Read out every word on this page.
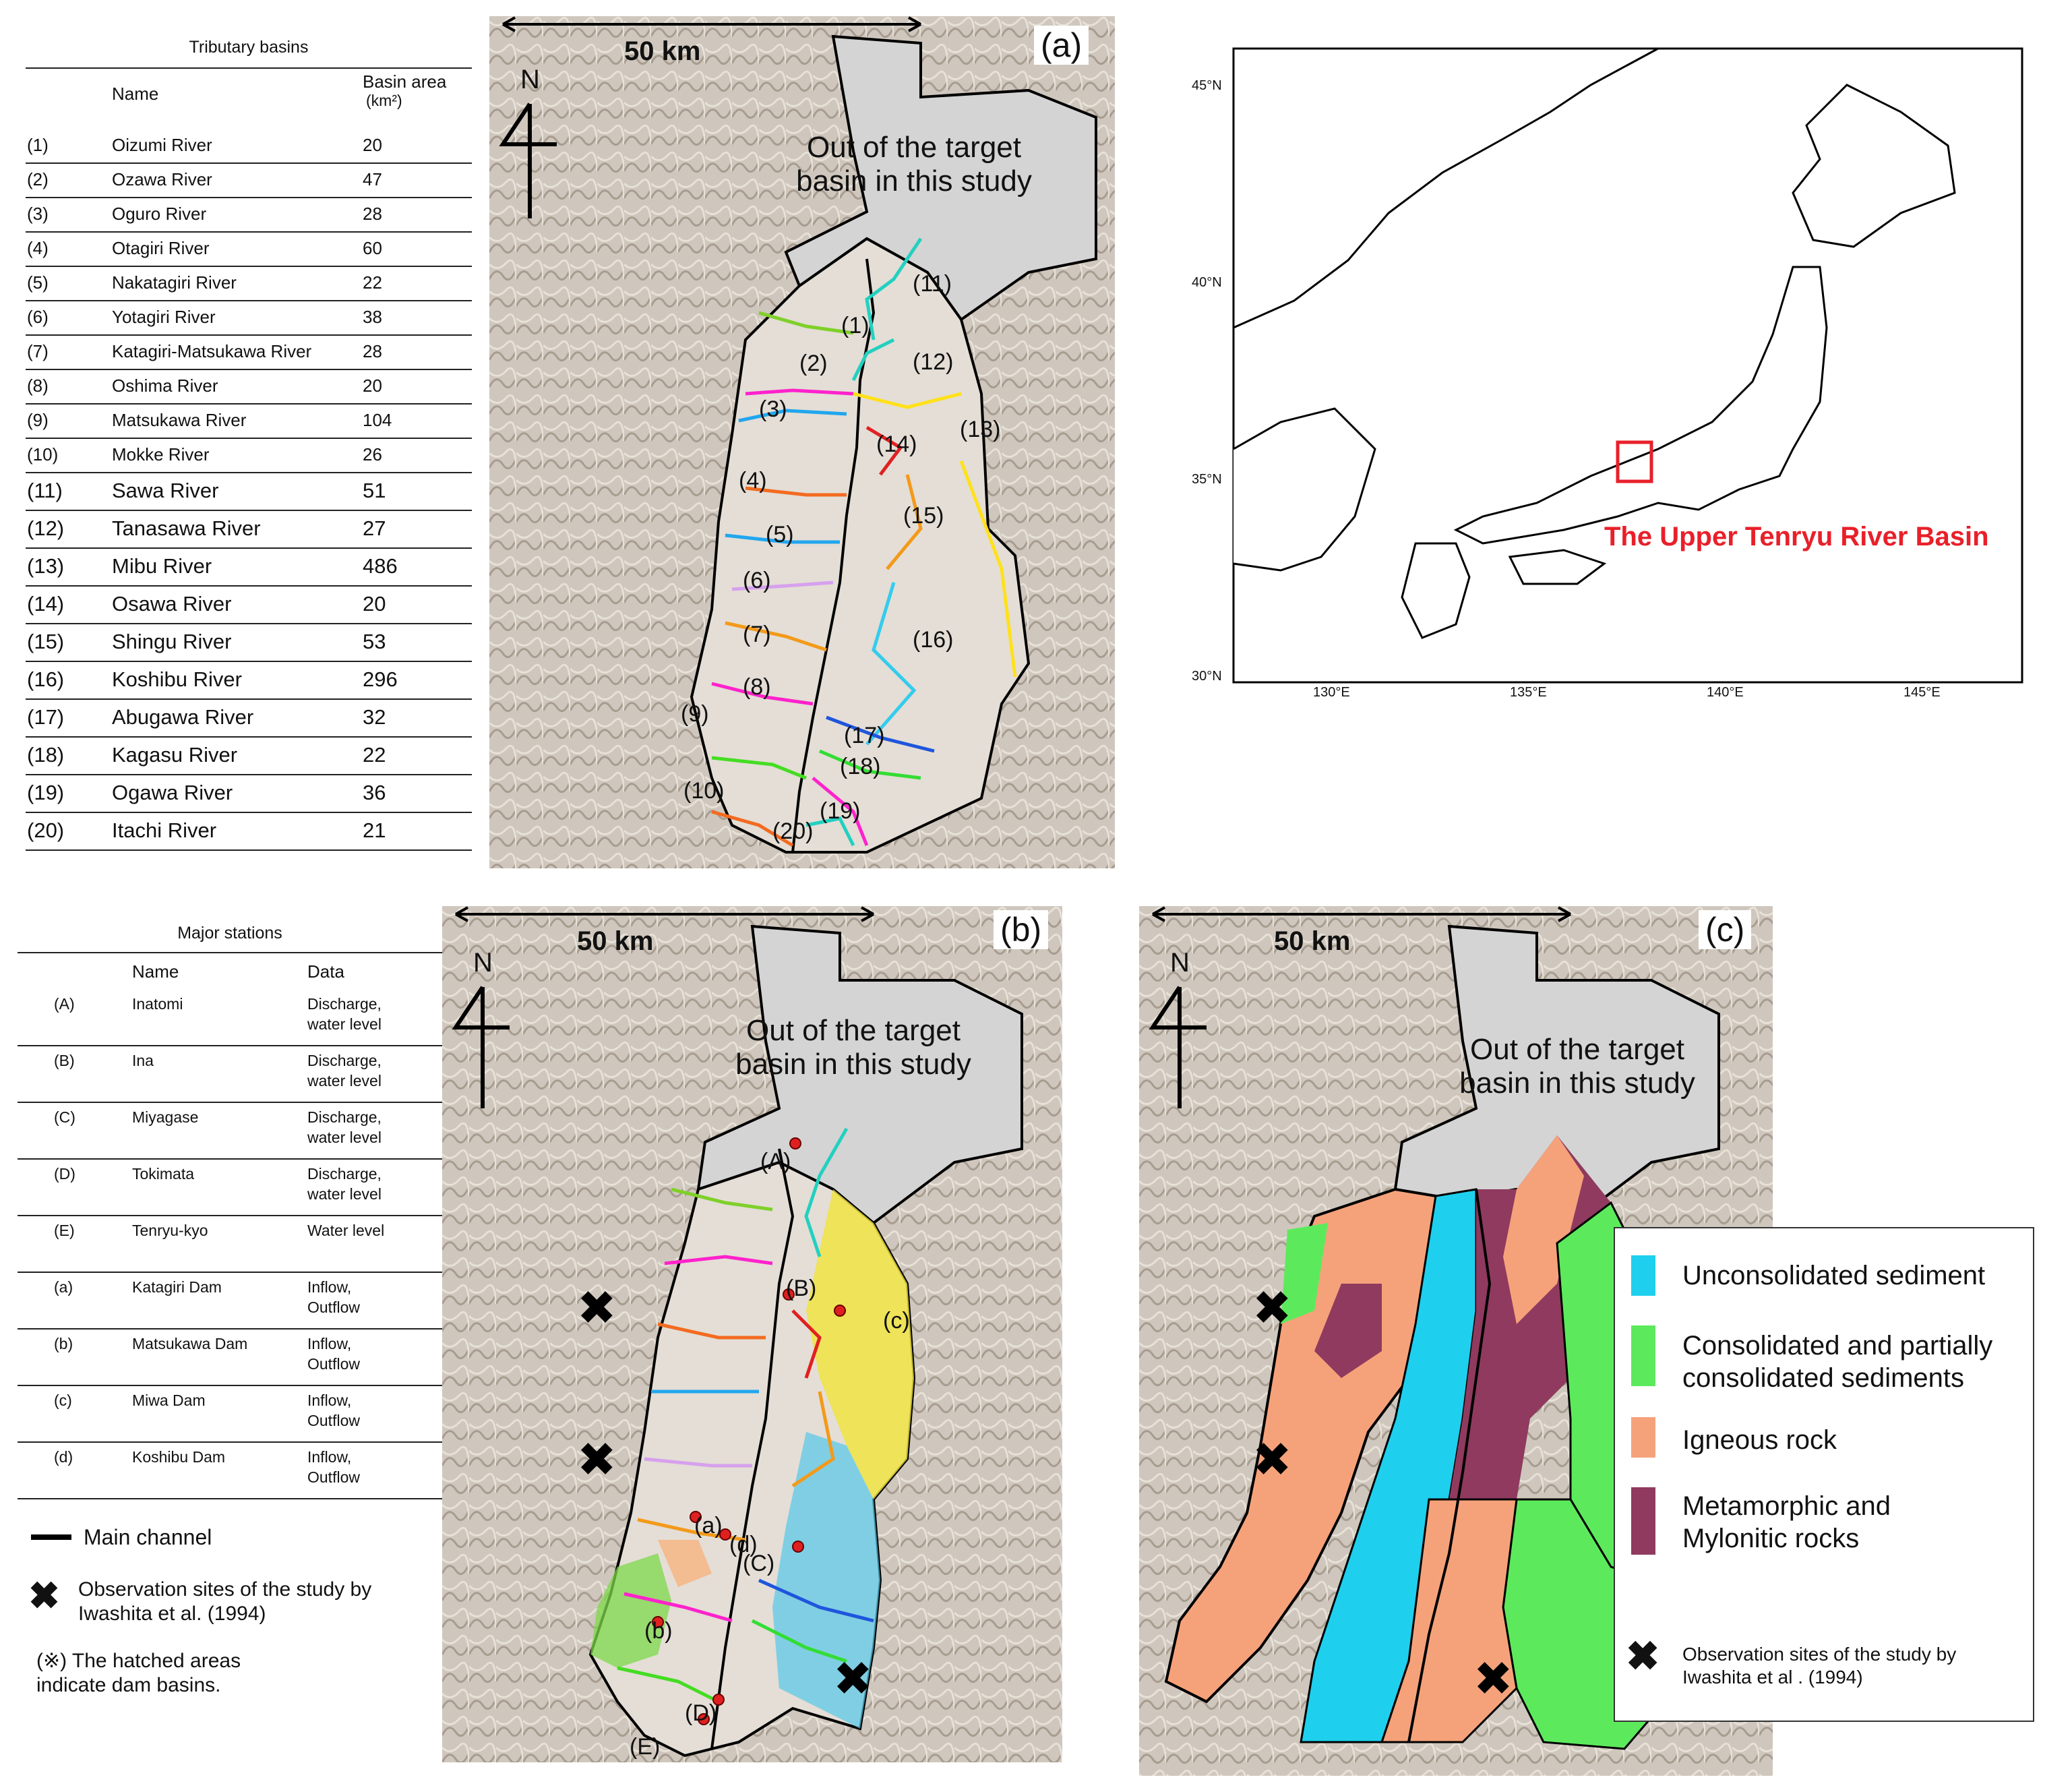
Tributary basins
Name
Basin area
(km²)
(1)	Oizumi River	20
(2)	Ozawa River	47
(3)	Oguro River	28
(4)	Otagiri River	60
(5)	Nakatagiri River	22
(6)	Yotagiri River	38
(7)	Katagiri-Matsukawa River	28
(8)	Oshima River	20
(9)	Matsukawa River	104
(10)	Mokke River	26
(11) Sawa River	51
(12) Tanasawa River	27
(13) Mibu River	486
(14) Osawa River	20
(15) Shingu River	53
(16) Koshibu River	296
(17) Abugawa River	32
(18) Kagasu River	22
(19) Ogawa River	36
(20) Itachi River	21
50 km
N
(a)
Out of the target
basin in this study
(1)
(2)
(3)
(4)
(5)
(6)
(7)
(8)
(9)
(10)
(11)
(12)
(13)
(14)
(15)
(16)
(17)
(18)
(19)
(20)
45°N
40°N
35°N
30°N
130°E	135°E	140°E	145°E
The Upper Tenryu River Basin
Major stations
Name	Data
(A)	Inatomi	Discharge,
water level
(B)	Ina	Discharge,
water level
(C)	Miyagase	Discharge,
water level
(D)	Tokimata	Discharge,
water level
(E)	Tenryu-kyo	Water level
(a)	Katagiri Dam	Inflow,
Outflow
(b)	Matsukawa Dam	Inflow,
Outflow
(c)	Miwa Dam	Inflow,
Outflow
(d)	Koshibu Dam	Inflow,
Outflow
Main channel
✖ Observation sites of the study by
Iwashita et al. (1994)
(※) The hatched areas
indicate dam basins.
✖
✖
✖
50 km
N
(b)
Out of the target
basin in this study
(A)
(B)
(C)
(D)
(E)
(a)
(b)
(c)
(d)
✖
✖
✖
50 km
N
(c)
Out of the target
basin in this study
Unconsolidated sediment
Consolidated and partially
consolidated sediments
Igneous rock
Metamorphic and
Mylonitic rocks
✖ Observation sites of the study by
Iwashita et al . (1994)
